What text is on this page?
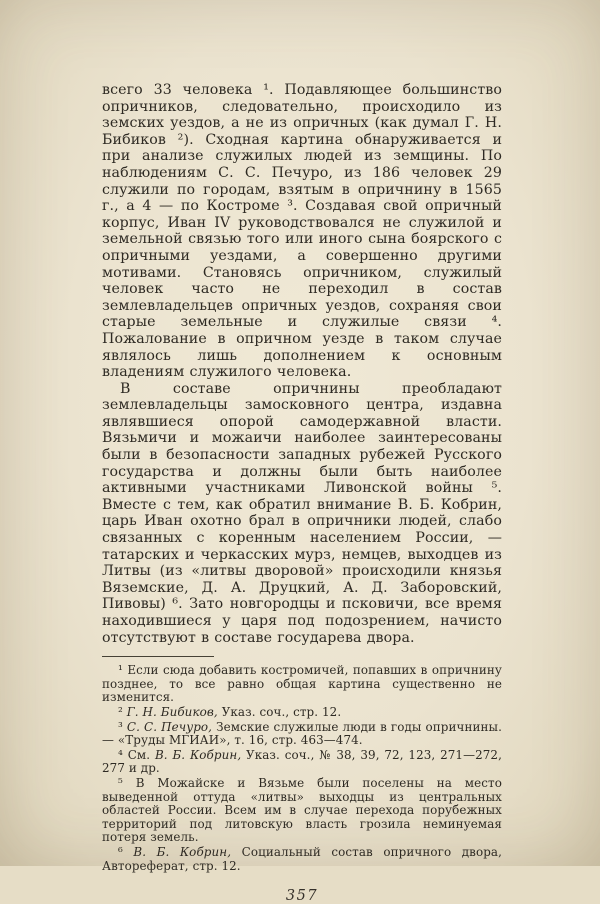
всего 33 человека ¹. Подавляющее большинство опричников, следовательно, происходило из земских уездов, а не из опричных (как думал Г. Н. Бибиков ²). Сходная картина обнаруживается и при анализе служилых людей из земщины. По наблюдениям С. С. Печуро, из 186 человек 29 служили по городам, взятым в опричнину в 1565 г., а 4 — по Костроме ³. Создавая свой опричный корпус, Иван IV руководствовался не служилой и земельной связью того или иного сына боярского с опричными уездами, а совершенно другими мотивами. Становясь опричником, служилый человек часто не переходил в состав землевладельцев опричных уездов, сохраняя свои старые земельные и служилые связи ⁴. Пожалование в опричном уезде в таком случае являлось лишь дополнением к основным владениям служилого человека.

В составе опричнины преобладают землевладельцы замосковного центра, издавна являвшиеся опорой самодержавной власти. Вязьмичи и можаичи наиболее заинтересованы были в безопасности западных рубежей Русского государства и должны были быть наиболее активными участниками Ливонской войны ⁵. Вместе с тем, как обратил внимание В. Б. Кобрин, царь Иван охотно брал в опричники людей, слабо связанных с коренным населением России, — татарских и черкасских мурз, немцев, выходцев из Литвы (из «литвы дворовой» происходили князья Вяземские, Д. А. Друцкий, А. Д. Заборовский, Пивовы) ⁶. Зато новгородцы и псковичи, все время находившиеся у царя под подозрением, начисто отсутствуют в составе государева двора.

¹ Если сюда добавить костромичей, попавших в опричнину позднее, то все равно общая картина существенно не изменится.

² Г. Н. Бибиков, Указ. соч., стр. 12.

³ С. С. Печуро, Земские служилые люди в годы опричнины.— «Труды МГИАИ», т. 16, стр. 463—474.

⁴ См. В. Б. Кобрин, Указ. соч., № 38, 39, 72, 123, 271—272, 277 и др.

⁵ В Можайске и Вязьме были поселены на место выведенной оттуда «литвы» выходцы из центральных областей России. Всем им в случае перехода порубежных территорий под литовскую власть грозила неминуемая потеря земель.

⁶ В. Б. Кобрин, Социальный состав опричного двора, Автореферат, стр. 12.

357
